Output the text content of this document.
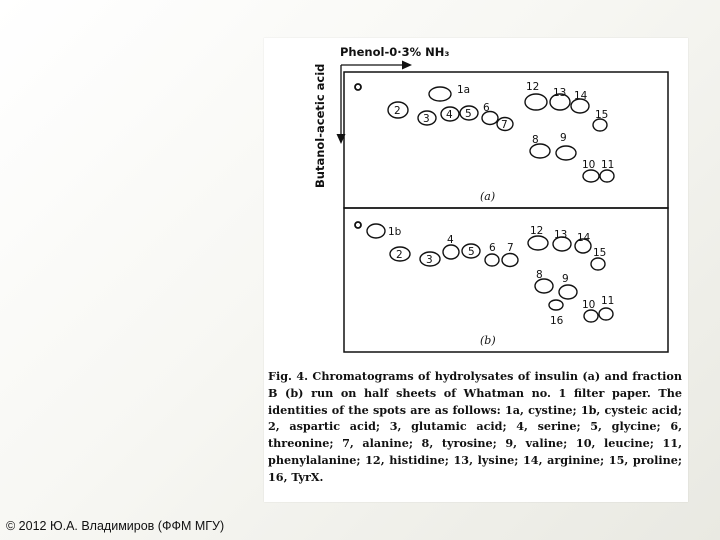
Phenol-0·3% NH₃
Butanol-acetic acid	1a
2
3 4 5 6
7
8 9
10 11
12 13 14
15
(a)
1b
2 3
4
5 6 7
8 9
10 11
12 13 14
15
16
(b)

Fig. 4. Chromatograms of hydrolysates of insulin (a) and fraction B (b) run on half sheets of Whatman no. 1 filter paper. The identities of the spots are as follows: 1a, cystine; 1b, cysteic acid; 2, aspartic acid; 3, glutamic acid; 4, serine; 5, glycine; 6, threonine; 7, alanine; 8, tyrosine; 9, valine; 10, leucine; 11, phenylalanine; 12, histidine; 13, lysine; 14, arginine; 15, proline; 16, TyrX.

© 2012 Ю.А. Владимиров (ФФМ МГУ)
